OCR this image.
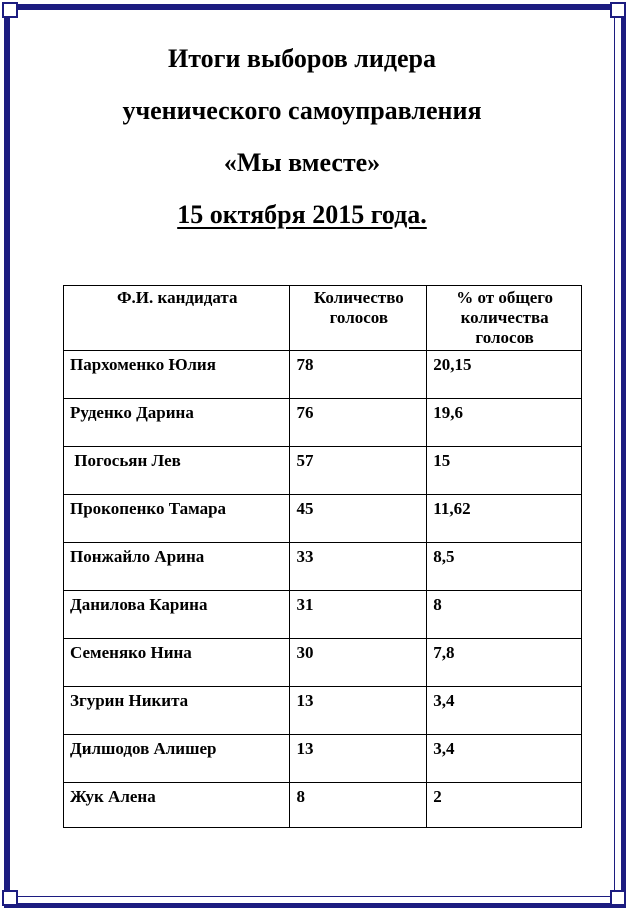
Итоги выборов лидера
ученического самоуправления
«Мы вместе»
15 октября 2015 года.
Ф.И. кандидата	Количество голосов	% от общего количества голосов
Пархоменко Юлия	78	20,15
Руденко Дарина	76	19,6
Погосьян Лев	57	15
Прокопенко Тамара	45	11,62
Понжайло Арина	33	8,5
Данилова Карина	31	8
Семеняко Нина	30	7,8
Згурин Никита	13	3,4
Дилшодов Алишер	13	3,4
Жук Алена	8	2
